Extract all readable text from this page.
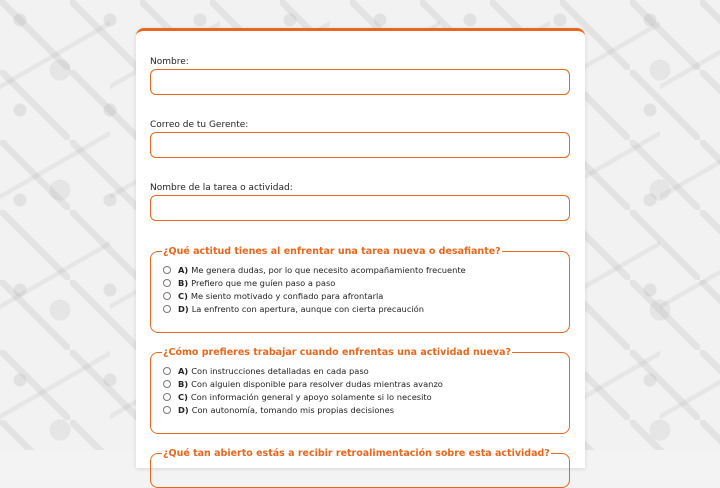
Nombre:
Correo de tu Gerente:
Nombre de la tarea o actividad:
¿Qué actitud tienes al enfrentar una tarea nueva o desafiante?
A) Me genera dudas, por lo que necesito acompañamiento frecuente
B) Prefiero que me guíen paso a paso
C) Me siento motivado y confiado para afrontarla
D) La enfrento con apertura, aunque con cierta precaución
¿Cómo prefieres trabajar cuando enfrentas una actividad nueva?
A) Con instrucciones detalladas en cada paso
B) Con alguien disponible para resolver dudas mientras avanzo
C) Con información general y apoyo solamente si lo necesito
D) Con autonomía, tomando mis propias decisiones
¿Qué tan abierto estás a recibir retroalimentación sobre esta actividad?
